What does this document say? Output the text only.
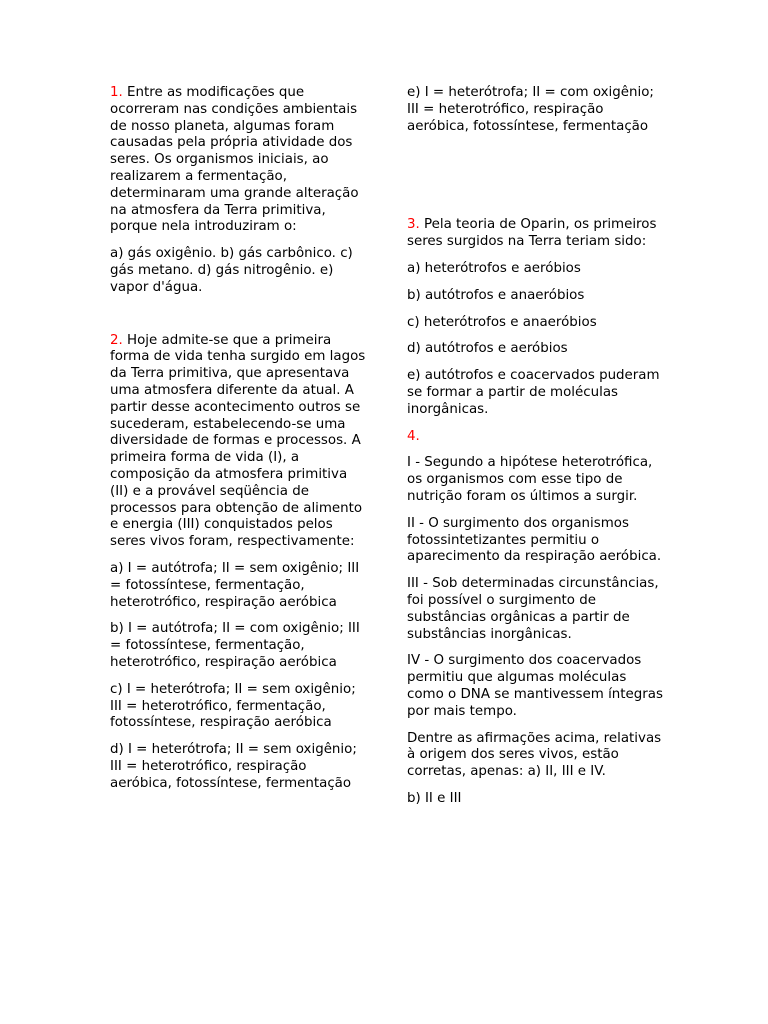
1. Entre as modificações que ocorreram nas condições ambientais de nosso planeta, algumas foram causadas pela própria atividade dos seres. Os organismos iniciais, ao realizarem a fermentação, determinaram uma grande alteração na atmosfera da Terra primitiva, porque nela introduziram o:

a) gás oxigênio. b) gás carbônico. c) gás metano. d) gás nitrogênio. e) vapor d'água.

2. Hoje admite-se que a primeira forma de vida tenha surgido em lagos da Terra primitiva, que apresentava uma atmosfera diferente da atual. A partir desse acontecimento outros se sucederam, estabelecendo-se uma diversidade de formas e processos. A primeira forma de vida (I), a composição da atmosfera primitiva (II) e a provável seqüência de processos para obtenção de alimento e energia (III) conquistados pelos seres vivos foram, respectivamente:

a) I = autótrofa; II = sem oxigênio; III = fotossíntese, fermentação, heterotrófico, respiração aeróbica

b) I = autótrofa; II = com oxigênio; III = fotossíntese, fermentação, heterotrófico, respiração aeróbica

c) I = heterótrofa; II = sem oxigênio; III = heterotrófico, fermentação, fotossíntese, respiração aeróbica

d) I = heterótrofa; II = sem oxigênio; III = heterotrófico, respiração aeróbica, fotossíntese, fermentação

e) I = heterótrofa; II = com oxigênio; III = heterotrófico, respiração aeróbica, fotossíntese, fermentação

3. Pela teoria de Oparin, os primeiros seres surgidos na Terra teriam sido:

a) heterótrofos e aeróbios

b) autótrofos e anaeróbios

c) heterótrofos e anaeróbios

d) autótrofos e aeróbios

e) autótrofos e coacervados puderam se formar a partir de moléculas inorgânicas.

4.

I - Segundo a hipótese heterotrófica, os organismos com esse tipo de nutrição foram os últimos a surgir.

II - O surgimento dos organismos fotossintetizantes permitiu o aparecimento da respiração aeróbica.

III - Sob determinadas circunstâncias, foi possível o surgimento de substâncias orgânicas a partir de substâncias inorgânicas.

IV - O surgimento dos coacervados permitiu que algumas moléculas como o DNA se mantivessem íntegras por mais tempo.

Dentre as afirmações acima, relativas à origem dos seres vivos, estão corretas, apenas: a) II, III e IV.

b) II e III
